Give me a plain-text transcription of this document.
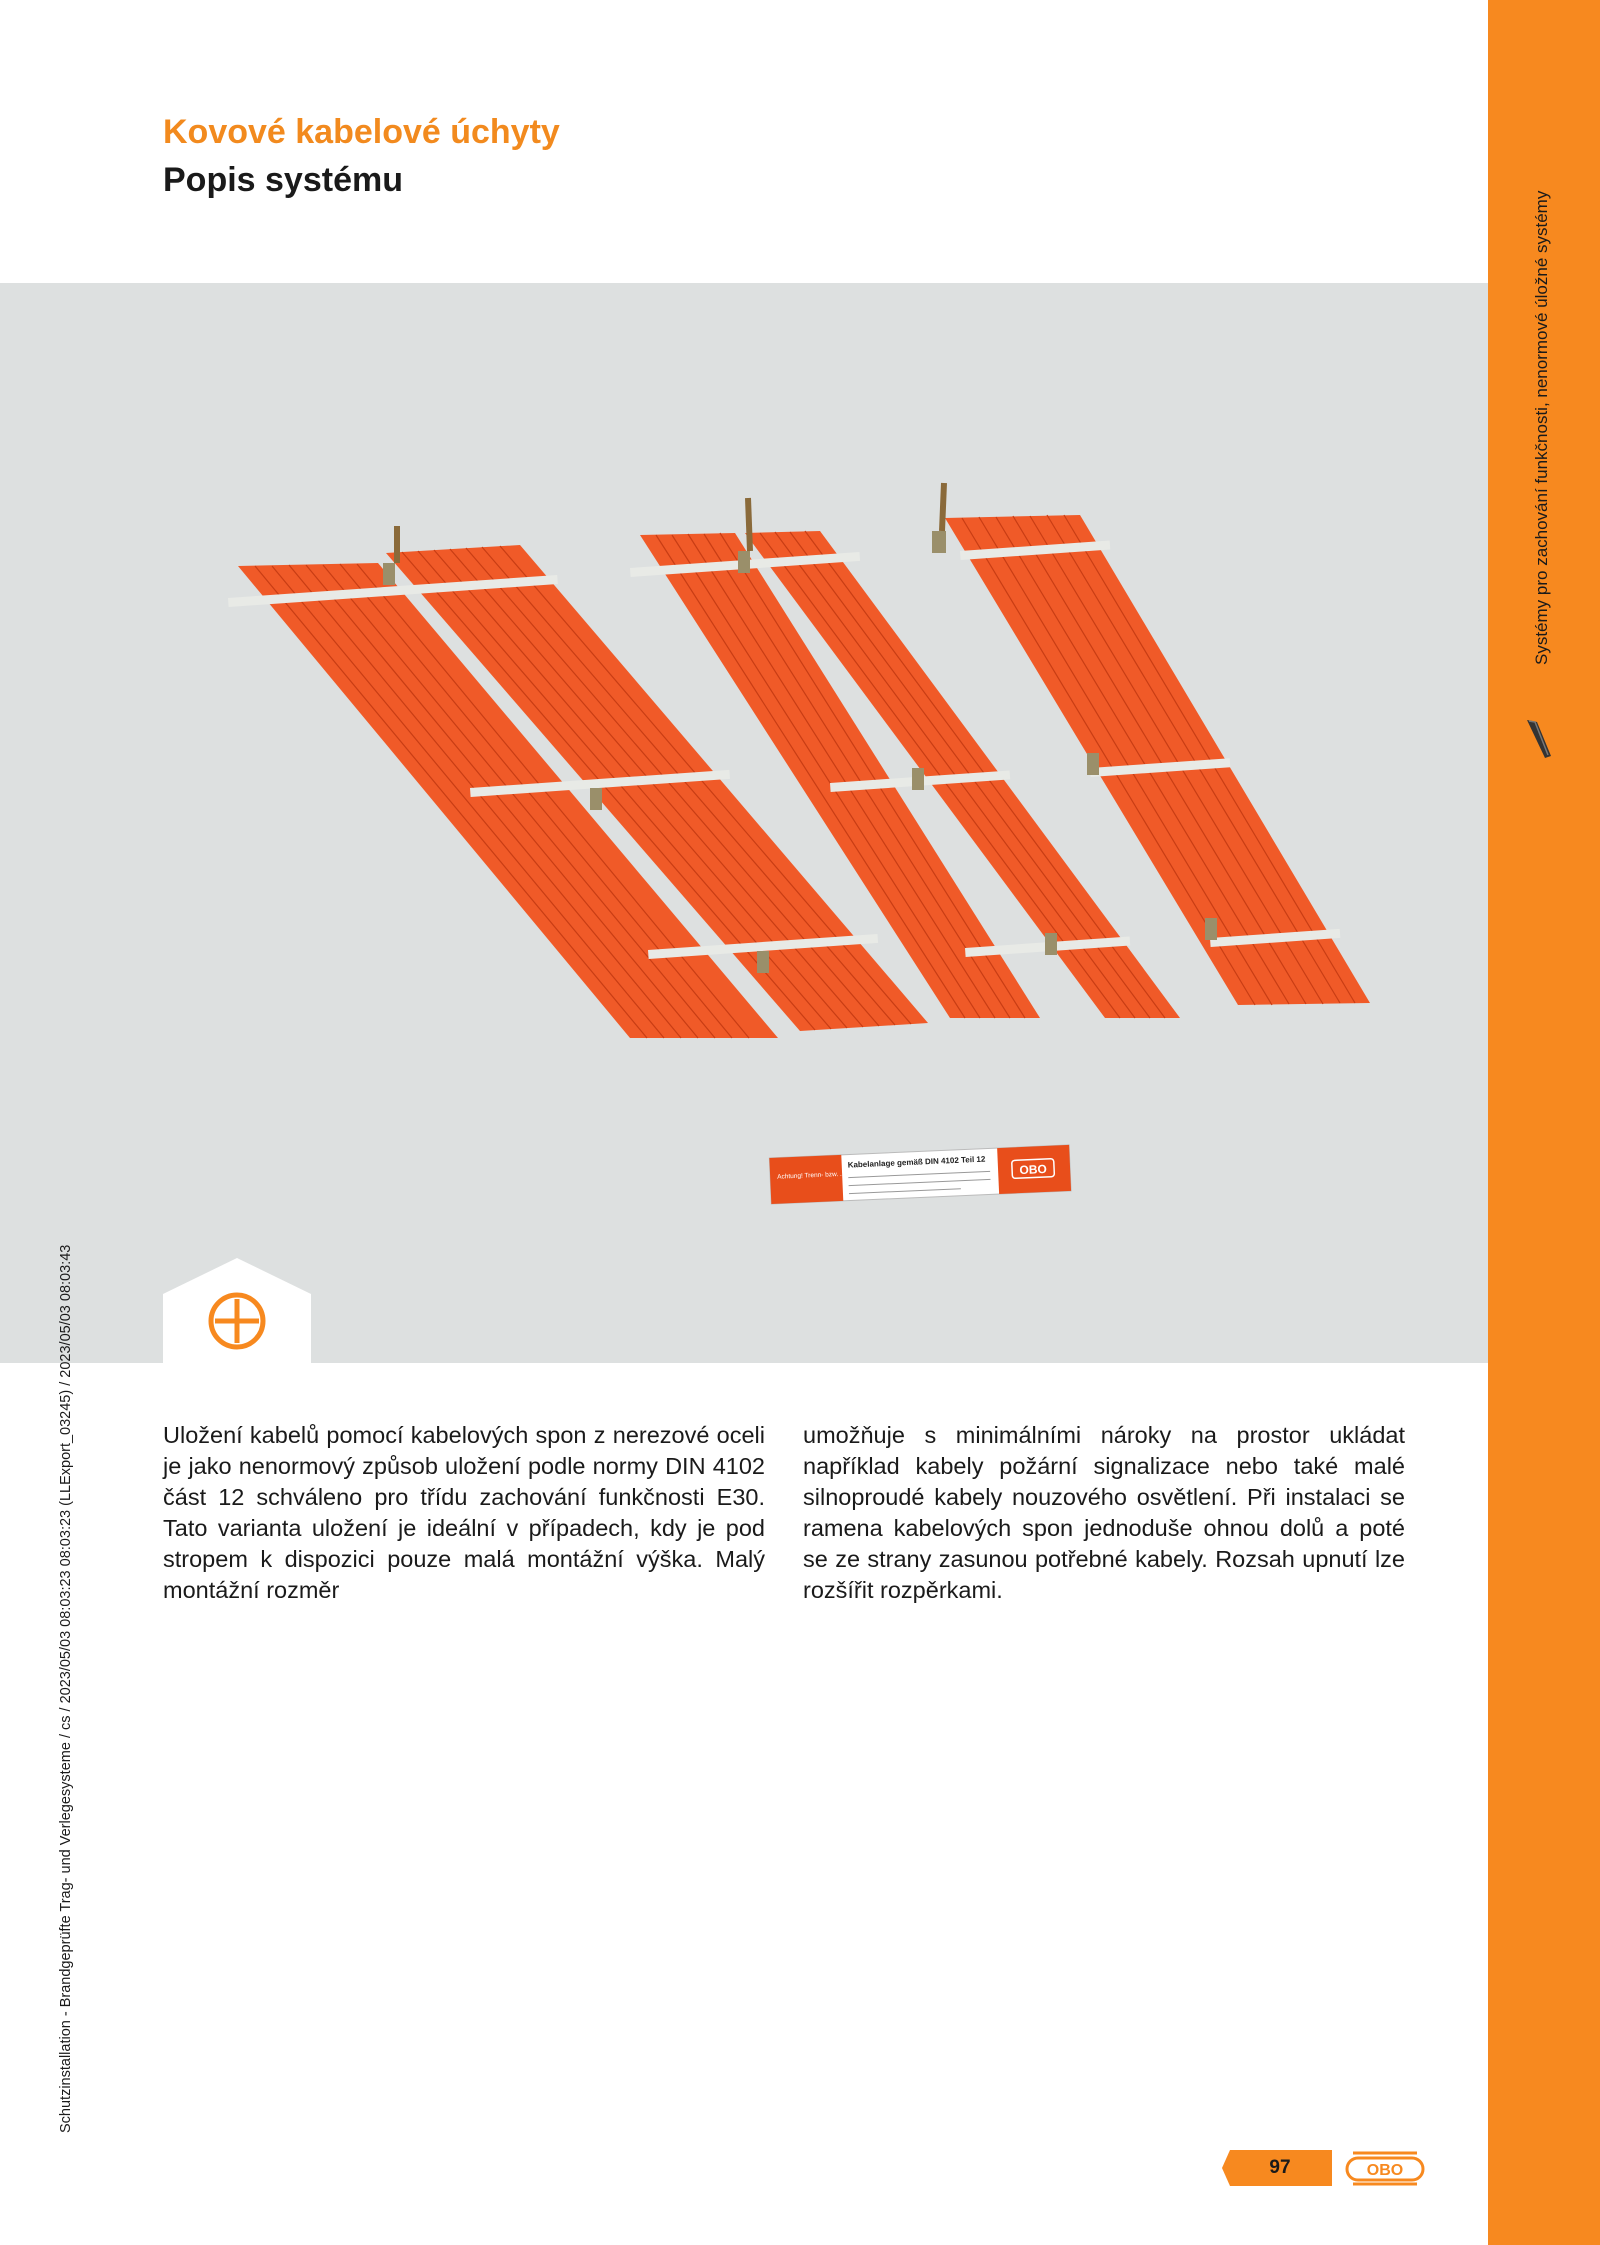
Kovové kabelové úchyty
Popis systému
Systémy pro zachování funkčnosti, nenormové úložné systémy
Achtung! Trenn- bzw. ...
Kabelanlage gemäß DIN 4102 Teil 12	OBO

Uložení kabelů pomocí kabelových spon z nerezové oceli je jako nenormový způsob uložení podle normy DIN 4102 část 12 schváleno pro třídu zachování funkčnosti E30. Tato varianta uložení je ideální v případech, kdy je pod stropem k dispozici pouze malá montážní výška. Malý montážní rozměr

umožňuje s minimálními nároky na prostor ukládat například kabely požární signalizace nebo také malé silnoproudé kabely nouzového osvětlení. Při instalaci se ramena kabelových spon jednoduše ohnou dolů a poté se ze strany zasunou potřebné kabely. Rozsah upnutí lze rozšířit rozpěrkami.

Schutzinstallation - Brandgeprüfte Trag- und Verlegesysteme / cs / 2023/05/03 08:03:23 08:03:23 (LLExport_03245) / 2023/05/03 08:03:43
97	OBO
